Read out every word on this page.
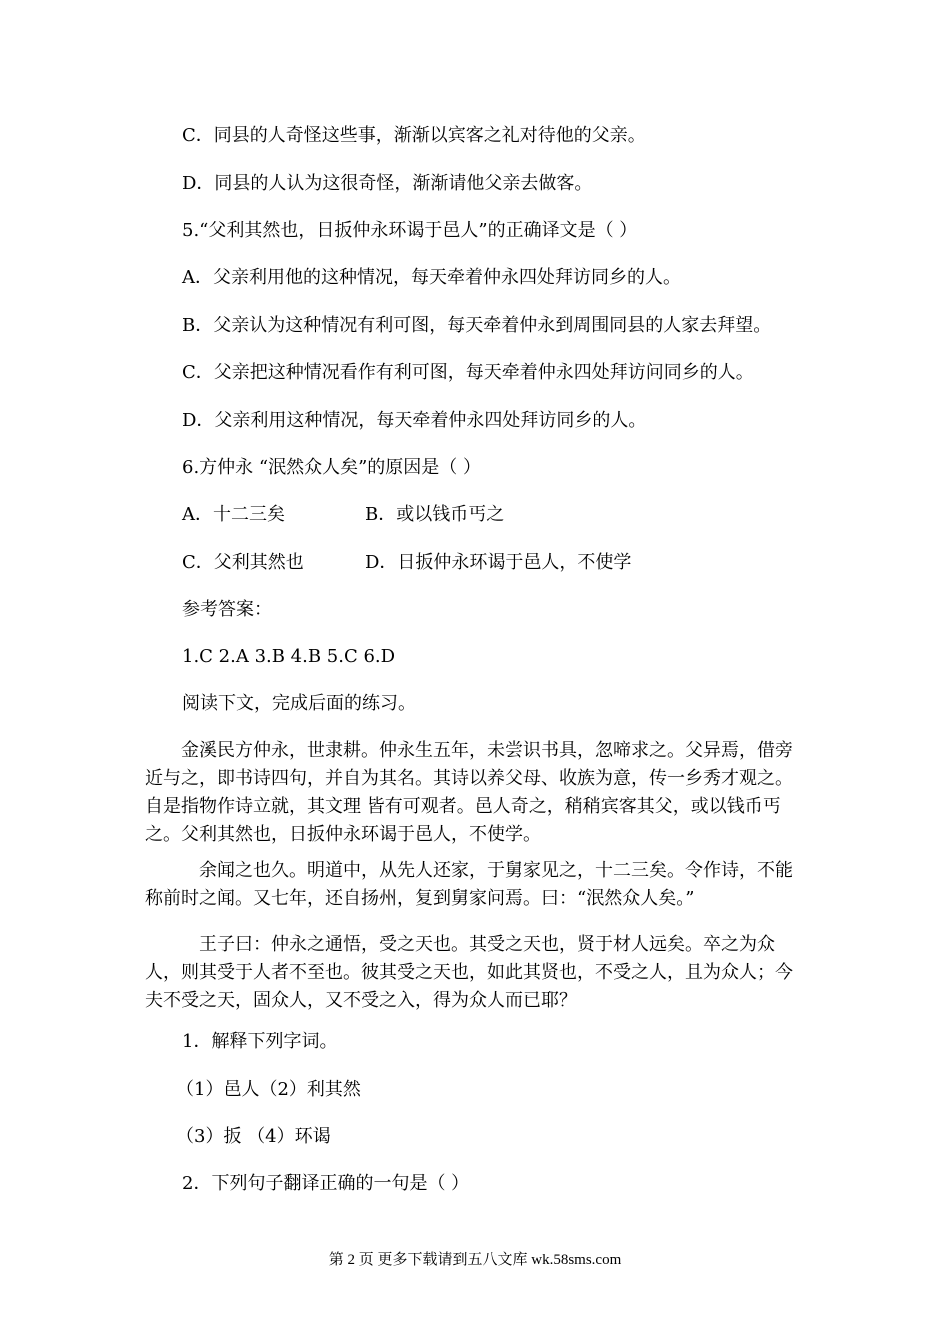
C．同县的人奇怪这些事，渐渐以宾客之礼对待他的父亲。
D．同县的人认为这很奇怪，渐渐请他父亲去做客。
5.“父利其然也，日扳仲永环谒于邑人”的正确译文是（ ）
A．父亲利用他的这种情况，每天牵着仲永四处拜访同乡的人。
B．父亲认为这种情况有利可图，每天牵着仲永到周围同县的人家去拜望。
C．父亲把这种情况看作有利可图，每天牵着仲永四处拜访问同乡的人。
D．父亲利用这种情况，每天牵着仲永四处拜访同乡的人。
6.方仲永 “泯然众人矣”的原因是（ ）
A．十二三矣	B．或以钱币丐之
C．父利其然也	D．日扳仲永环谒于邑人，不使学
参考答案：
1.C 2.A 3.B 4.B 5.C 6.D
阅读下文，完成后面的练习。
　　金溪民方仲永，世隶耕。仲永生五年，未尝识书具，忽啼求之。父异焉，借旁近与之，即书诗四句，并自为其名。其诗以养父母、收族为意，传一乡秀才观之。自是指物作诗立就，其文理 皆有可观者。邑人奇之，稍稍宾客其父，或以钱币丐之。父利其然也，日扳仲永环谒于邑人，不使学。
　　　余闻之也久。明道中，从先人还家，于舅家见之，十二三矣。令作诗，不能称前时之闻。又七年，还自扬州，复到舅家问焉。曰：“泯然众人矣。”
　　　王子曰：仲永之通悟，受之天也。其受之天也，贤于材人远矣。卒之为众人，则其受于人者不至也。彼其受之天也，如此其贤也，不受之人，且为众人；今夫不受之天，固众人，又不受之入，得为众人而已耶？
1．解释下列字词。
（1）邑人（2）利其然
（3）扳 （4）环谒
2．下列句子翻译正确的一句是（ ）
第 2 页 更多下载请到五八文库 wk.58sms.com
